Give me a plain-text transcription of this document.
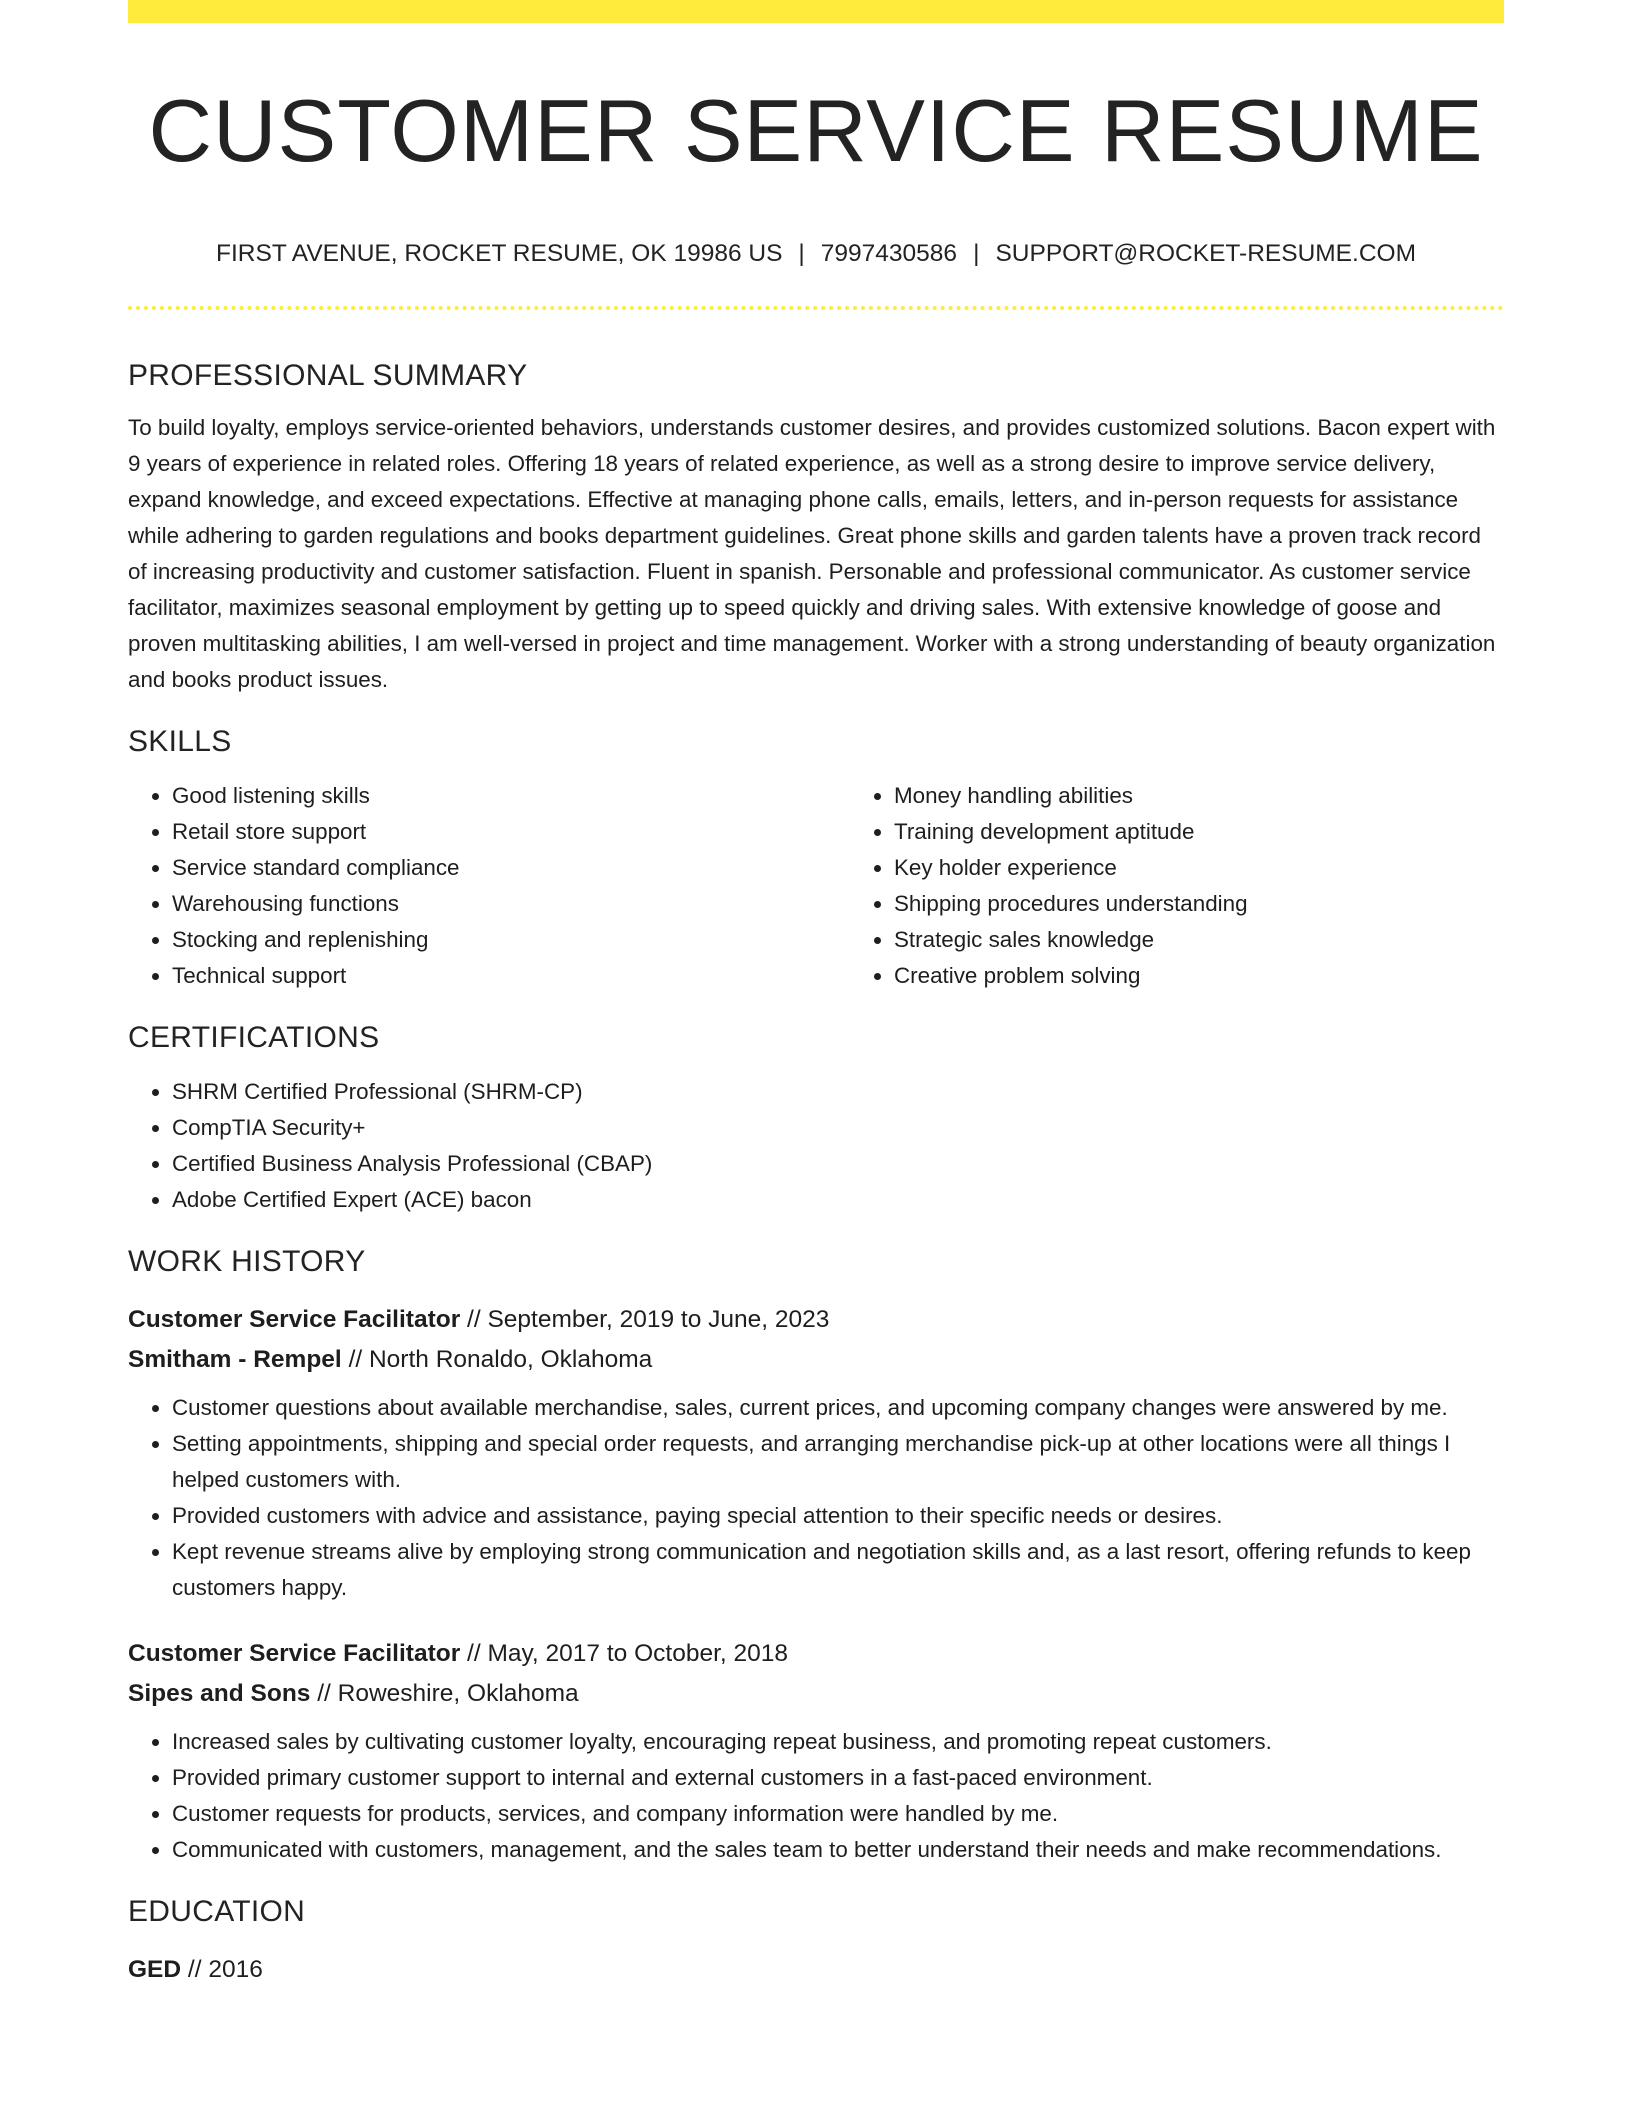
CUSTOMER SERVICE RESUME
FIRST AVENUE, ROCKET RESUME, OK 19986 US | 7997430586 | SUPPORT@ROCKET-RESUME.COM
PROFESSIONAL SUMMARY

To build loyalty, employs service-oriented behaviors, understands customer desires, and provides customized solutions. Bacon expert with 9 years of experience in related roles. Offering 18 years of related experience, as well as a strong desire to improve service delivery, expand knowledge, and exceed expectations. Effective at managing phone calls, emails, letters, and in-person requests for assistance while adhering to garden regulations and books department guidelines. Great phone skills and garden talents have a proven track record of increasing productivity and customer satisfaction. Fluent in spanish. Personable and professional communicator. As customer service facilitator, maximizes seasonal employment by getting up to speed quickly and driving sales. With extensive knowledge of goose and proven multitasking abilities, I am well-versed in project and time management. Worker with a strong understanding of beauty organization and books product issues.

SKILLS
• Good listening skills
• Retail store support
• Service standard compliance
• Warehousing functions
• Stocking and replenishing
• Technical support
• Money handling abilities
• Training development aptitude
• Key holder experience
• Shipping procedures understanding
• Strategic sales knowledge
• Creative problem solving
CERTIFICATIONS
• SHRM Certified Professional (SHRM-CP)
• CompTIA Security+
• Certified Business Analysis Professional (CBAP)
• Adobe Certified Expert (ACE) bacon
WORK HISTORY
Customer Service Facilitator // September, 2019 to June, 2023
Smitham - Rempel // North Ronaldo, Oklahoma
• Customer questions about available merchandise, sales, current prices, and upcoming company changes were answered by me.
• Setting appointments, shipping and special order requests, and arranging merchandise pick-up at other locations were all things I helped customers with.
• Provided customers with advice and assistance, paying special attention to their specific needs or desires.
• Kept revenue streams alive by employing strong communication and negotiation skills and, as a last resort, offering refunds to keep customers happy.
Customer Service Facilitator // May, 2017 to October, 2018
Sipes and Sons // Roweshire, Oklahoma
• Increased sales by cultivating customer loyalty, encouraging repeat business, and promoting repeat customers.
• Provided primary customer support to internal and external customers in a fast-paced environment.
• Customer requests for products, services, and company information were handled by me.
• Communicated with customers, management, and the sales team to better understand their needs and make recommendations.
EDUCATION
GED // 2016
